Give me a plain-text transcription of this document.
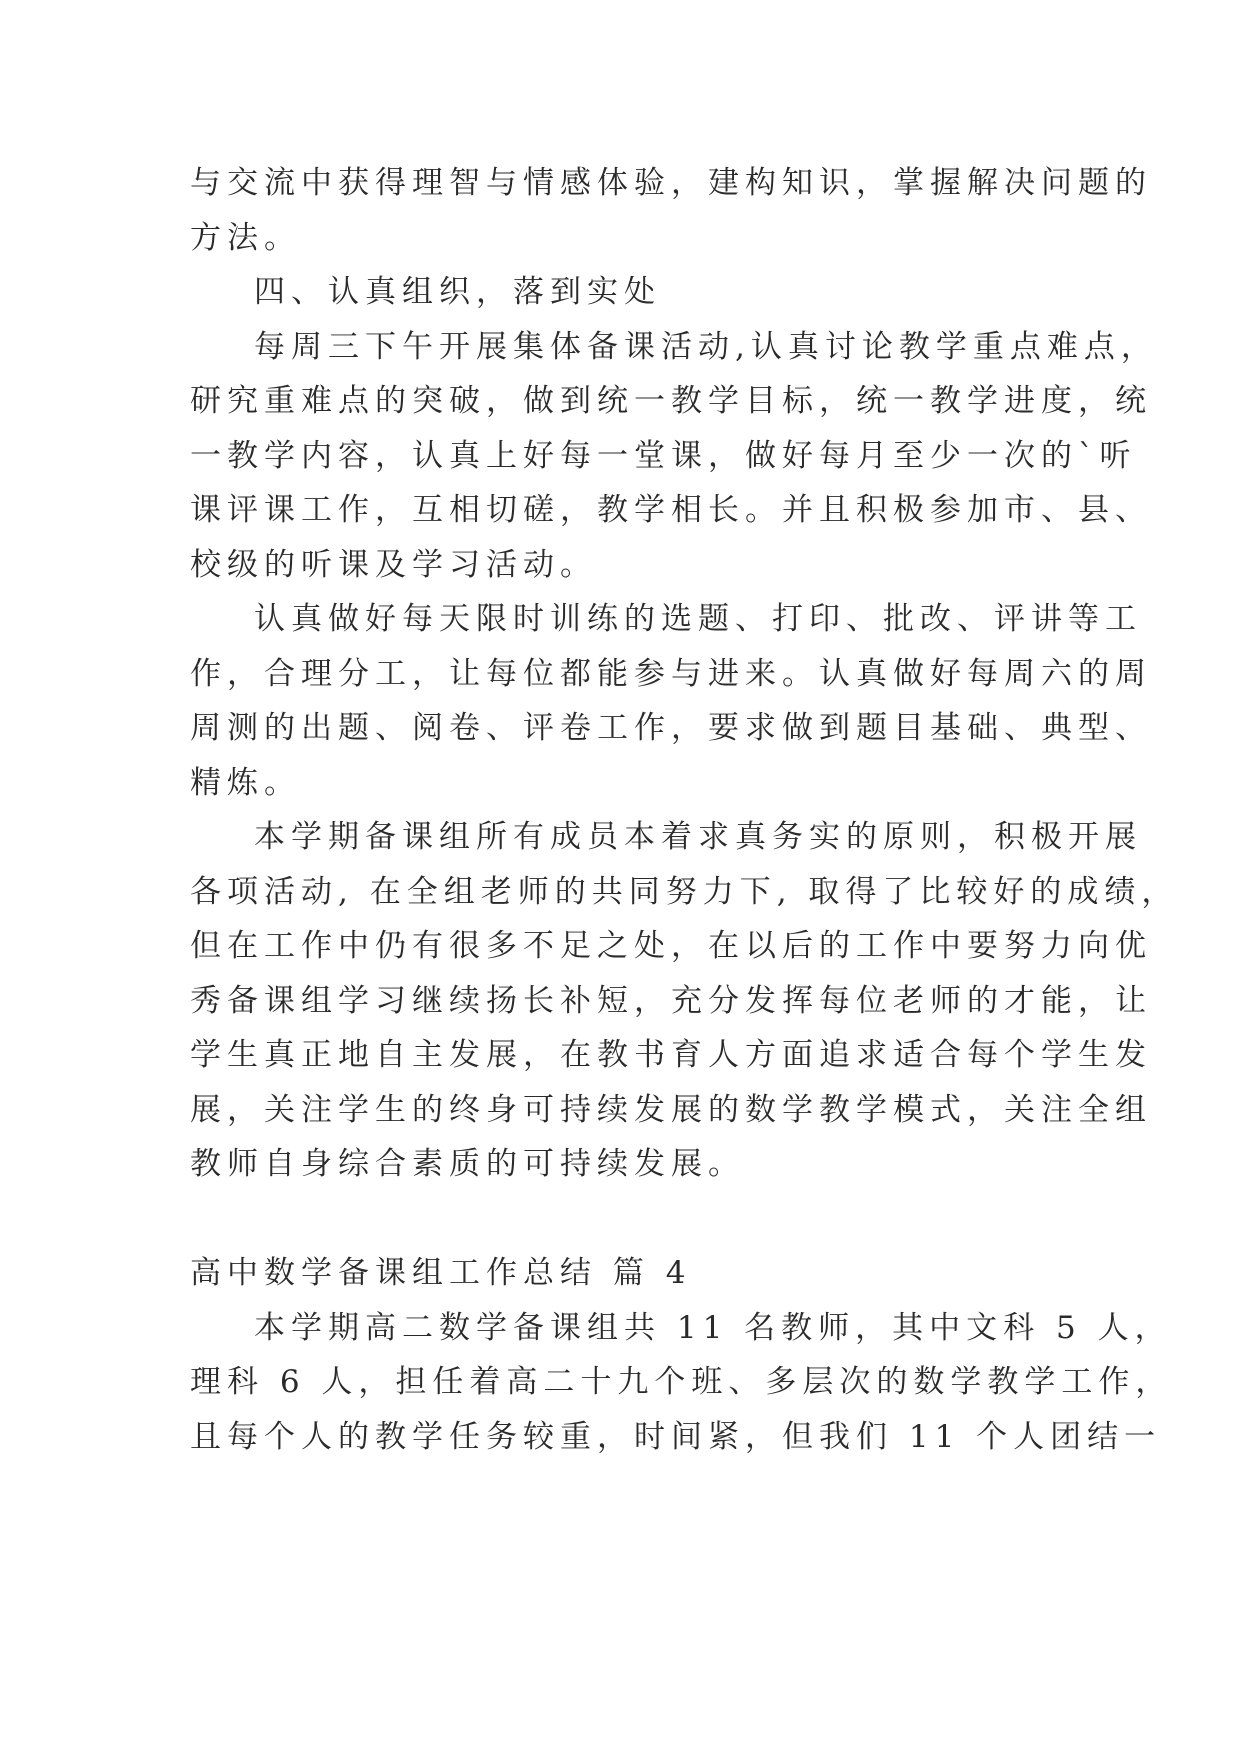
与交流中获得理智与情感体验，建构知识，掌握解决问题的
方法。
四、认真组织，落到实处
每周三下午开展集体备课活动,认真讨论教学重点难点，
研究重难点的突破，做到统一教学目标，统一教学进度，统
一教学内容，认真上好每一堂课，做好每月至少一次的`听
课评课工作，互相切磋，教学相长。并且积极参加市、县、
校级的听课及学习活动。
认真做好每天限时训练的选题、打印、批改、评讲等工
作，合理分工，让每位都能参与进来。认真做好每周六的周
周测的出题、阅卷、评卷工作，要求做到题目基础、典型、
精炼。
本学期备课组所有成员本着求真务实的原则，积极开展
各项活动, 在全组老师的共同努力下, 取得了比较好的成绩，
但在工作中仍有很多不足之处，在以后的工作中要努力向优
秀备课组学习继续扬长补短，充分发挥每位老师的才能，让
学生真正地自主发展，在教书育人方面追求适合每个学生发
展，关注学生的终身可持续发展的数学教学模式，关注全组
教师自身综合素质的可持续发展。
高中数学备课组工作总结 篇 4
本学期高二数学备课组共 11 名教师，其中文科 5 人，
理科 6 人，担任着高二十九个班、多层次的数学教学工作，
且每个人的教学任务较重，时间紧，但我们 11 个人团结一
